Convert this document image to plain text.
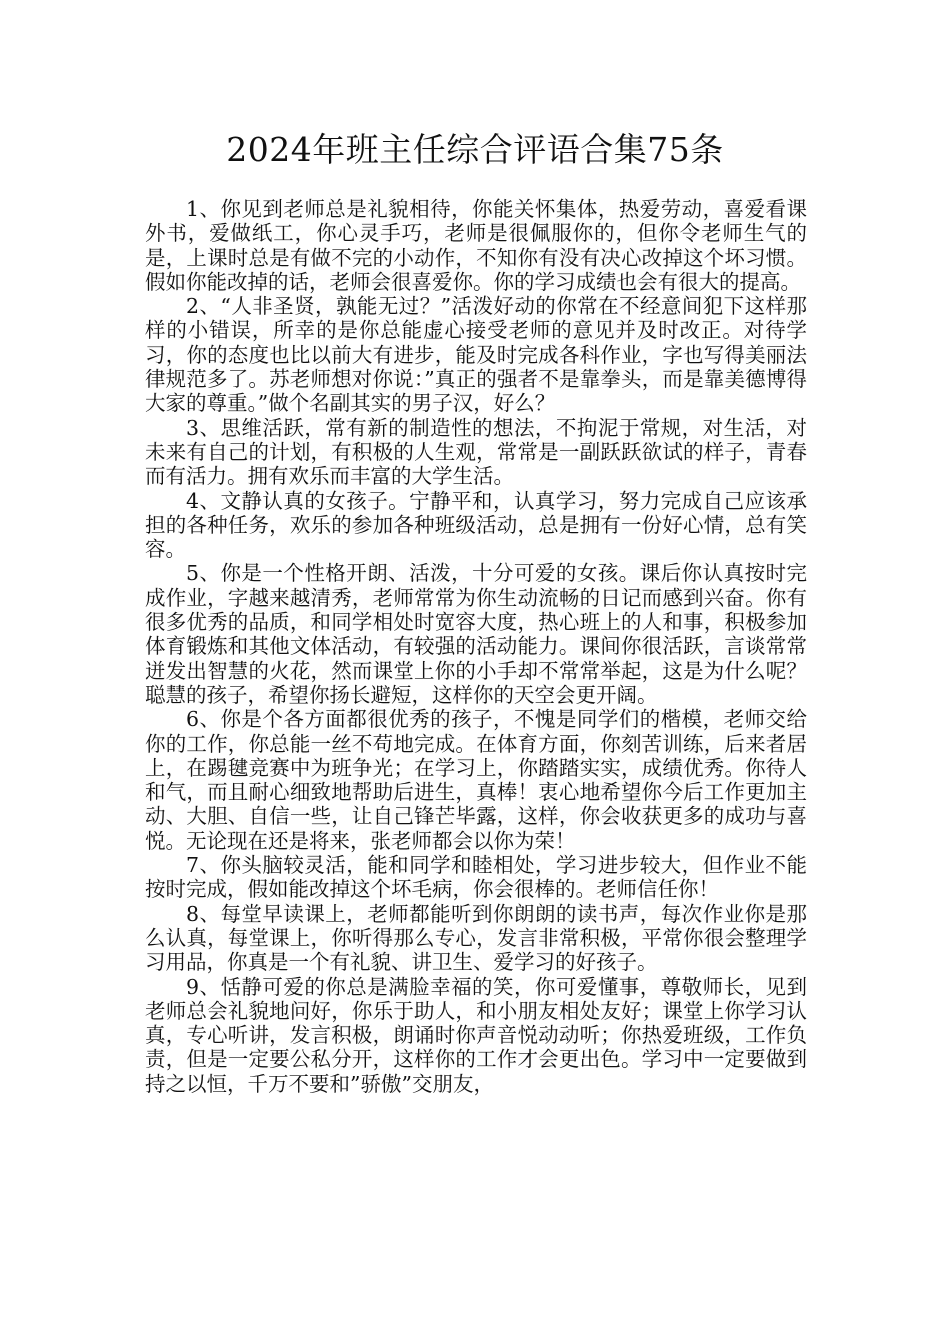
2024年班主任综合评语合集75条

1、你见到老师总是礼貌相待，你能关怀集体，热爱劳动，喜爱看课外书，爱做纸工，你心灵手巧，老师是很佩服你的，但你令老师生气的是，上课时总是有做不完的小动作，不知你有没有决心改掉这个坏习惯。假如你能改掉的话，老师会很喜爱你。你的学习成绩也会有很大的提高。

2、“人非圣贤，孰能无过？”活泼好动的你常在不经意间犯下这样那样的小错误，所幸的是你总能虚心接受老师的意见并及时改正。对待学习，你的态度也比以前大有进步，能及时完成各科作业，字也写得美丽法律规范多了。苏老师想对你说：”真正的强者不是靠拳头，而是靠美德博得大家的尊重。”做个名副其实的男子汉，好么？

3、思维活跃，常有新的制造性的想法，不拘泥于常规，对生活，对未来有自己的计划，有积极的人生观，常常是一副跃跃欲试的样子，青春而有活力。拥有欢乐而丰富的大学生活。

4、文静认真的女孩子。宁静平和，认真学习，努力完成自己应该承担的各种任务，欢乐的参加各种班级活动，总是拥有一份好心情，总有笑容。

5、你是一个性格开朗、活泼，十分可爱的女孩。课后你认真按时完成作业，字越来越清秀，老师常常为你生动流畅的日记而感到兴奋。你有很多优秀的品质，和同学相处时宽容大度，热心班上的人和事，积极参加体育锻炼和其他文体活动，有较强的活动能力。课间你很活跃，言谈常常迸发出智慧的火花，然而课堂上你的小手却不常常举起，这是为什么呢？聪慧的孩子，希望你扬长避短，这样你的天空会更开阔。

6、你是个各方面都很优秀的孩子，不愧是同学们的楷模，老师交给你的工作，你总能一丝不苟地完成。在体育方面，你刻苦训练，后来者居上，在踢毽竞赛中为班争光；在学习上，你踏踏实实，成绩优秀。你待人和气，而且耐心细致地帮助后进生，真棒！衷心地希望你今后工作更加主动、大胆、自信一些，让自己锋芒毕露，这样，你会收获更多的成功与喜悦。无论现在还是将来，张老师都会以你为荣！

7、你头脑较灵活，能和同学和睦相处，学习进步较大，但作业不能按时完成，假如能改掉这个坏毛病，你会很棒的。老师信任你！

8、每堂早读课上，老师都能听到你朗朗的读书声，每次作业你是那么认真，每堂课上，你听得那么专心，发言非常积极，平常你很会整理学习用品，你真是一个有礼貌、讲卫生、爱学习的好孩子。

9、恬静可爱的你总是满脸幸福的笑，你可爱懂事，尊敬师长，见到老师总会礼貌地问好，你乐于助人，和小朋友相处友好；课堂上你学习认真，专心听讲，发言积极，朗诵时你声音悦动动听；你热爱班级，工作负责，但是一定要公私分开，这样你的工作才会更出色。学习中一定要做到持之以恒，千万不要和”骄傲”交朋友，
